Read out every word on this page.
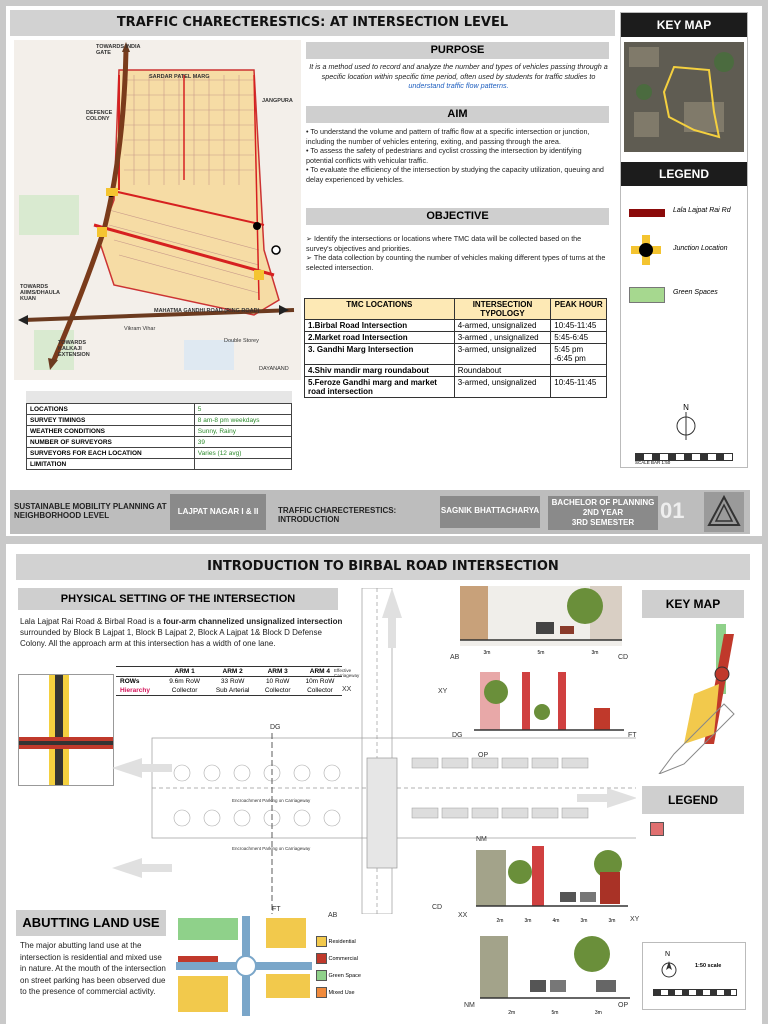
TRAFFIC CHARECTERESTICS: AT INTERSECTION LEVEL
TOWARDS INDIA GATE
DEFENCE COLONY
JANGPURA
TOWARDS AIIMS/DHAULA KUAN
TOWARDS KALKAJI EXTENSION
SARDAR PATEL MARG
MAHATMA GANDHI ROAD (RING ROAD)
Vikram Vihar
Double Storey
DAYANAND
LOCATIONS	5
SURVEY TIMINGS	8 am-8 pm weekdays
WEATHER CONDITIONS	Sunny, Rainy
NUMBER OF SURVEYORS	39
SURVEYORS FOR EACH LOCATION	Varies (12 avg)
LIMITATION	
PURPOSE
It is a method used to record and analyze the number and types of vehicles passing through a specific location within specific time period, often used by students for traffic studies to understand traffic flow patterns.
AIM
• To understand the volume and pattern of traffic flow at a specific intersection or junction, including the number of vehicles entering, exiting, and passing through the area.
• To assess the safety of pedestrians and cyclist crossing the intersection by identifying potential conflicts with vehicular traffic.
• To evaluate the efficiency of the intersection by studying the capacity utilization, queuing and delay experienced by vehicles.
OBJECTIVE
➢ Identify the intersections or locations where TMC data will be collected based on the survey's objectives and priorities.
➢ The data collection by counting the number of vehicles making different types of turns at the selected intersection.
TMC LOCATIONS	INTERSECTION TYPOLOGY	PEAK HOUR
1.Birbal Road Intersection	4-armed, unsignalized	10:45-11:45
2.Market road Intersection	3-armed , unsignalized	5:45-6:45
3. Gandhi Marg Intersection	3-armed, unsignalized	5:45 pm -6:45 pm
4.Shiv mandir marg roundabout	Roundabout	
5.Feroze Gandhi marg and market road intersection	3-armed, unsignalized	10:45-11:45
KEY MAP
LEGEND
Lala Lajpat Rai Rd
Junction Location
Green Spaces
N
SCALE BAR 1:50
SUSTAINABLE MOBILITY PLANNING AT NEIGHBORHOOD LEVEL	LAJPAT NAGAR I & II	TRAFFIC CHARECTERESTICS: INTRODUCTION
SAGNIK BHATTACHARYA
BACHELOR OF PLANNING
2ND YEAR
3RD SEMESTER	01
INTRODUCTION TO BIRBAL ROAD INTERSECTION
PHYSICAL SETTING OF THE INTERSECTION
Lala Lajpat Rai Road & Birbal Road is a four-arm channelized unsignalized intersection surrounded by Block B Lajpat 1, Block B Lajpat 2, Block A Lajpat 1& Block D Defense Colony. All the approach arm at this intersection has a width of one lane.
	ARM 1	ARM 2	ARM 3	ARM 4
ROWs	9.6m RoW	33 RoW	10 RoW	10m RoW
Hierarchy	Collector	Sub Arterial	Collector	Collector
Encroachment Parking on Carriageway
Encroachment Parking on Carriageway
Effective Carriageway
DG
XX	XY
OP
NM
FT
AB
CD
3m	5m	3m
AB	CD
DG	FT
2m	3m	4m	3m	3m
XX
XY
2m	5m	3m
NM	OP
KEY MAP
LEGEND
N
1:50 scale
ABUTTING LAND USE
The major abutting land use at the intersection is residential and mixed use in nature. At the mouth of the intersection on street parking has been observed due to the presence of commercial activity.
Residential
Commercial
Green Space
Mixed Use
